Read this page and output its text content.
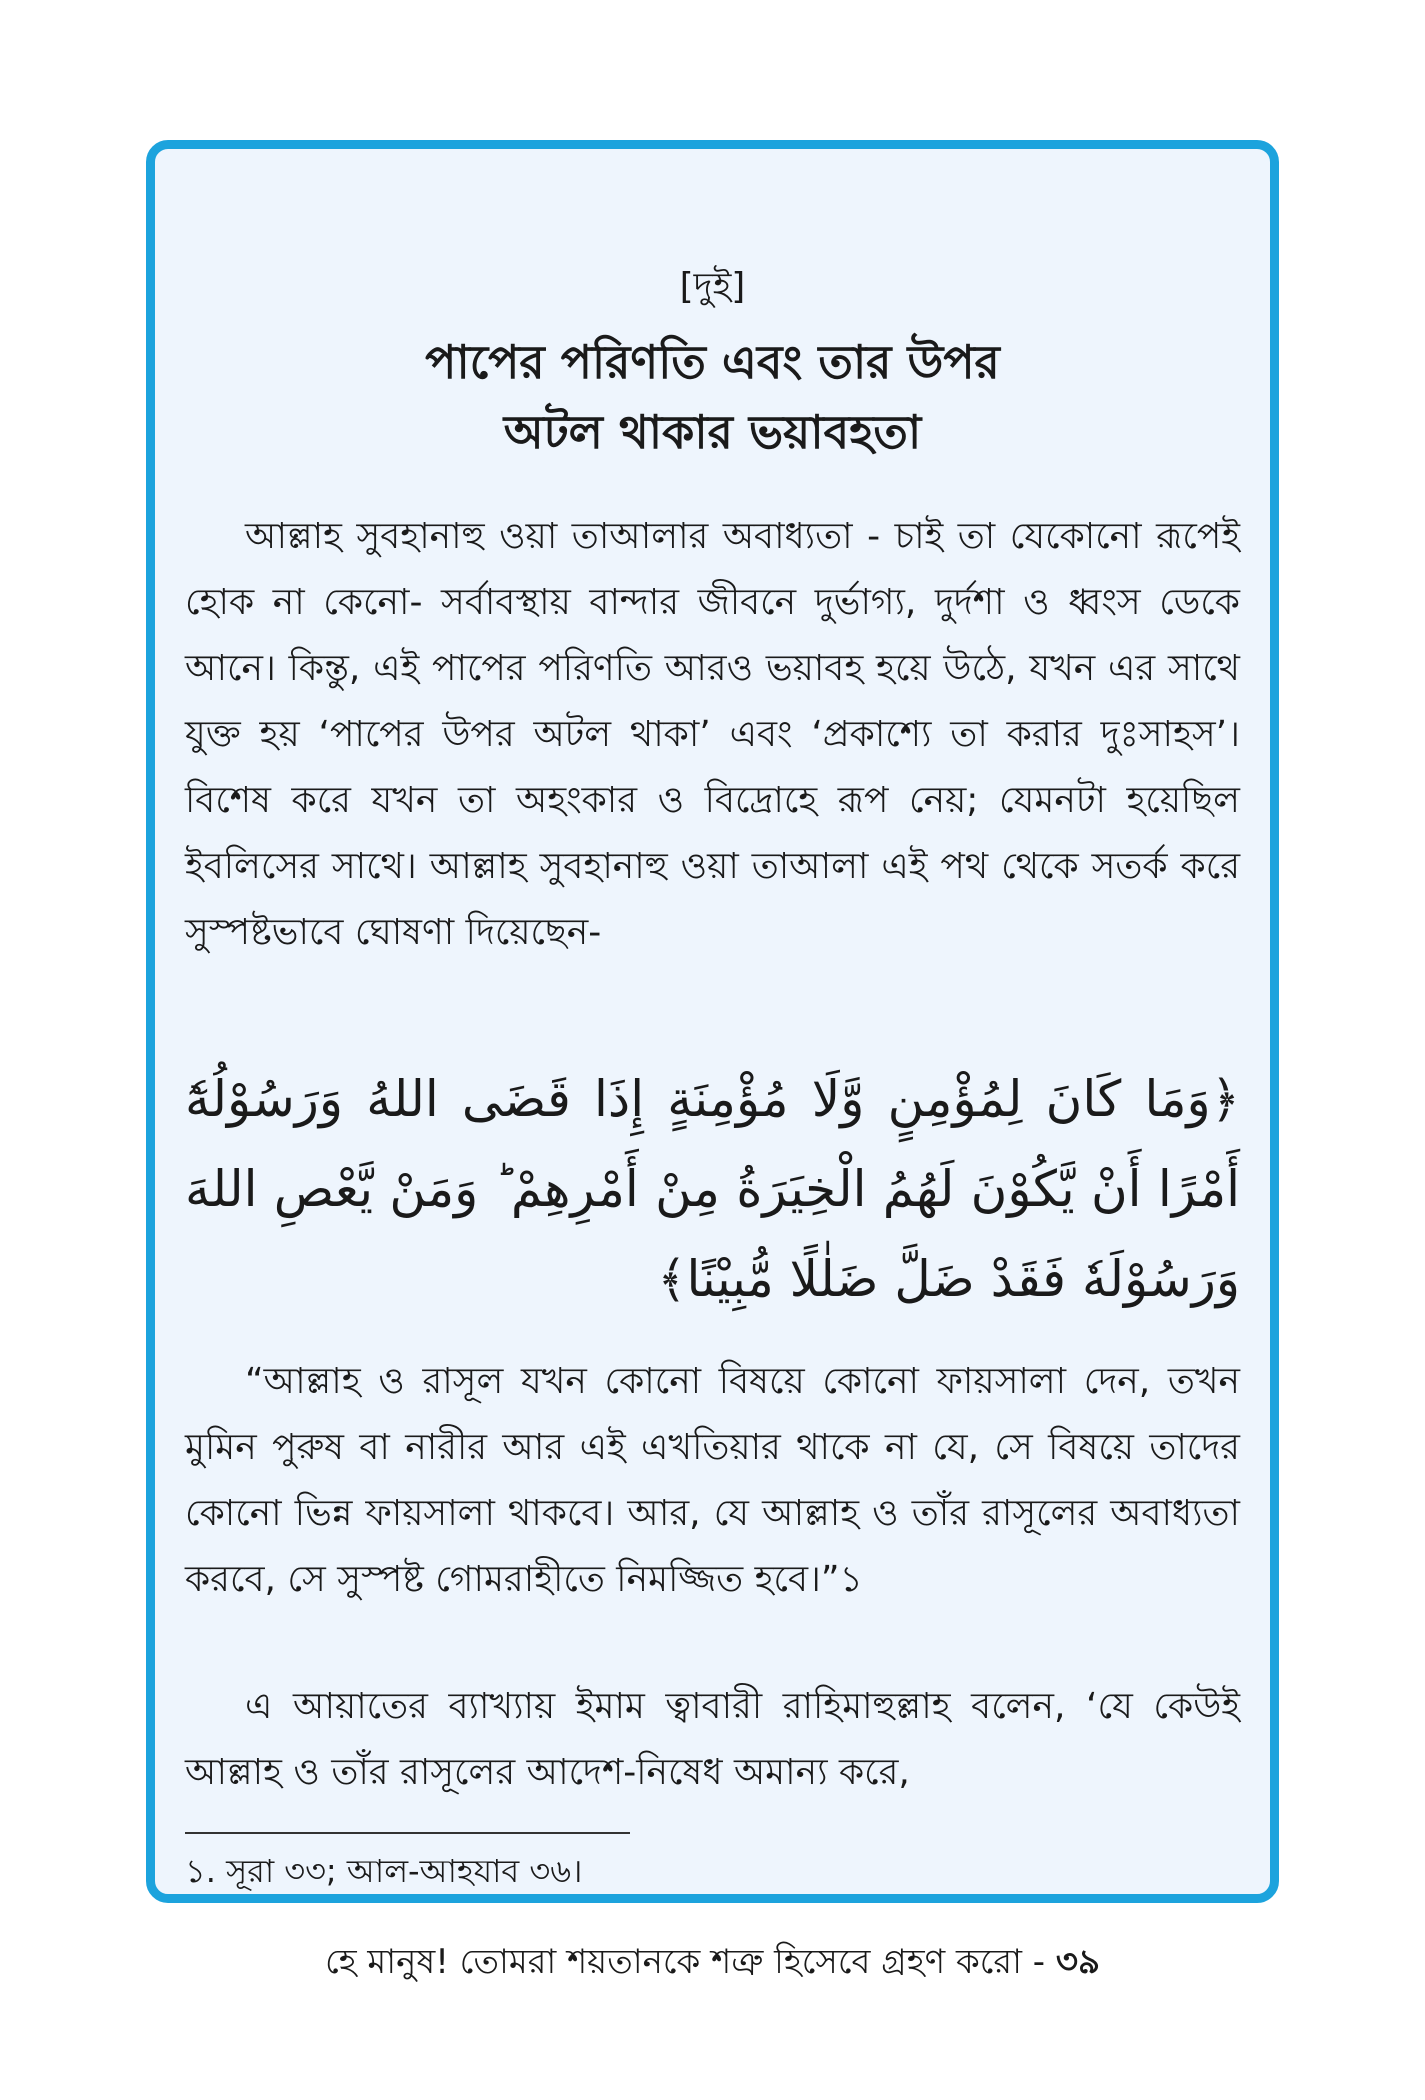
[দুই]
পাপের পরিণতি এবং তার উপর
অটল থাকার ভয়াবহতা

আল্লাহ সুবহানাহু ওয়া তাআলার অবাধ্যতা - চাই তা যেকোনো রূপেই হোক না কেনো- সর্বাবস্থায় বান্দার জীবনে দুর্ভাগ্য, দুর্দশা ও ধ্বংস ডেকে আনে। কিন্তু, এই পাপের পরিণতি আরও ভয়াবহ হয়ে উঠে, যখন এর সাথে যুক্ত হয় ‘পাপের উপর অটল থাকা’ এবং ‘প্রকাশ্যে তা করার দুঃসাহস’। বিশেষ করে যখন তা অহংকার ও বিদ্রোহে রূপ নেয়; যেমনটা হয়েছিল ইবলিসের সাথে। আল্লাহ সুবহানাহু ওয়া তাআলা এই পথ থেকে সতর্ক করে সুস্পষ্টভাবে ঘোষণা দিয়েছেন-

﴿وَمَا كَانَ لِمُؤْمِنٍ وَّلَا مُؤْمِنَةٍ إِذَا قَضَى اللهُ وَرَسُوْلُهٗٓ أَمْرًا أَنْ يَّكُوْنَ لَهُمُ الْخِيَرَةُ مِنْ أَمْرِهِمْ ؕ وَمَنْ يَّعْصِ اللهَ وَرَسُوْلَهٗ فَقَدْ ضَلَّ ضَلٰلًا مُّبِيْنًا﴾

“আল্লাহ ও রাসূল যখন কোনো বিষয়ে কোনো ফায়সালা দেন, তখন মুমিন পুরুষ বা নারীর আর এই এখতিয়ার থাকে না যে, সে বিষয়ে তাদের কোনো ভিন্ন ফায়সালা থাকবে। আর, যে আল্লাহ ও তাঁর রাসূলের অবাধ্যতা করবে, সে সুস্পষ্ট গোমরাহীতে নিমজ্জিত হবে।”১

এ আয়াতের ব্যাখ্যায় ইমাম ত্বাবারী রাহিমাহুল্লাহ বলেন, ‘যে কেউই আল্লাহ ও তাঁর রাসূলের আদেশ-নিষেধ অমান্য করে,

১. সূরা ৩৩; আল-আহযাব ৩৬।
হে মানুষ! তোমরা শয়তানকে শত্রু হিসেবে গ্রহণ করো - ৩৯
